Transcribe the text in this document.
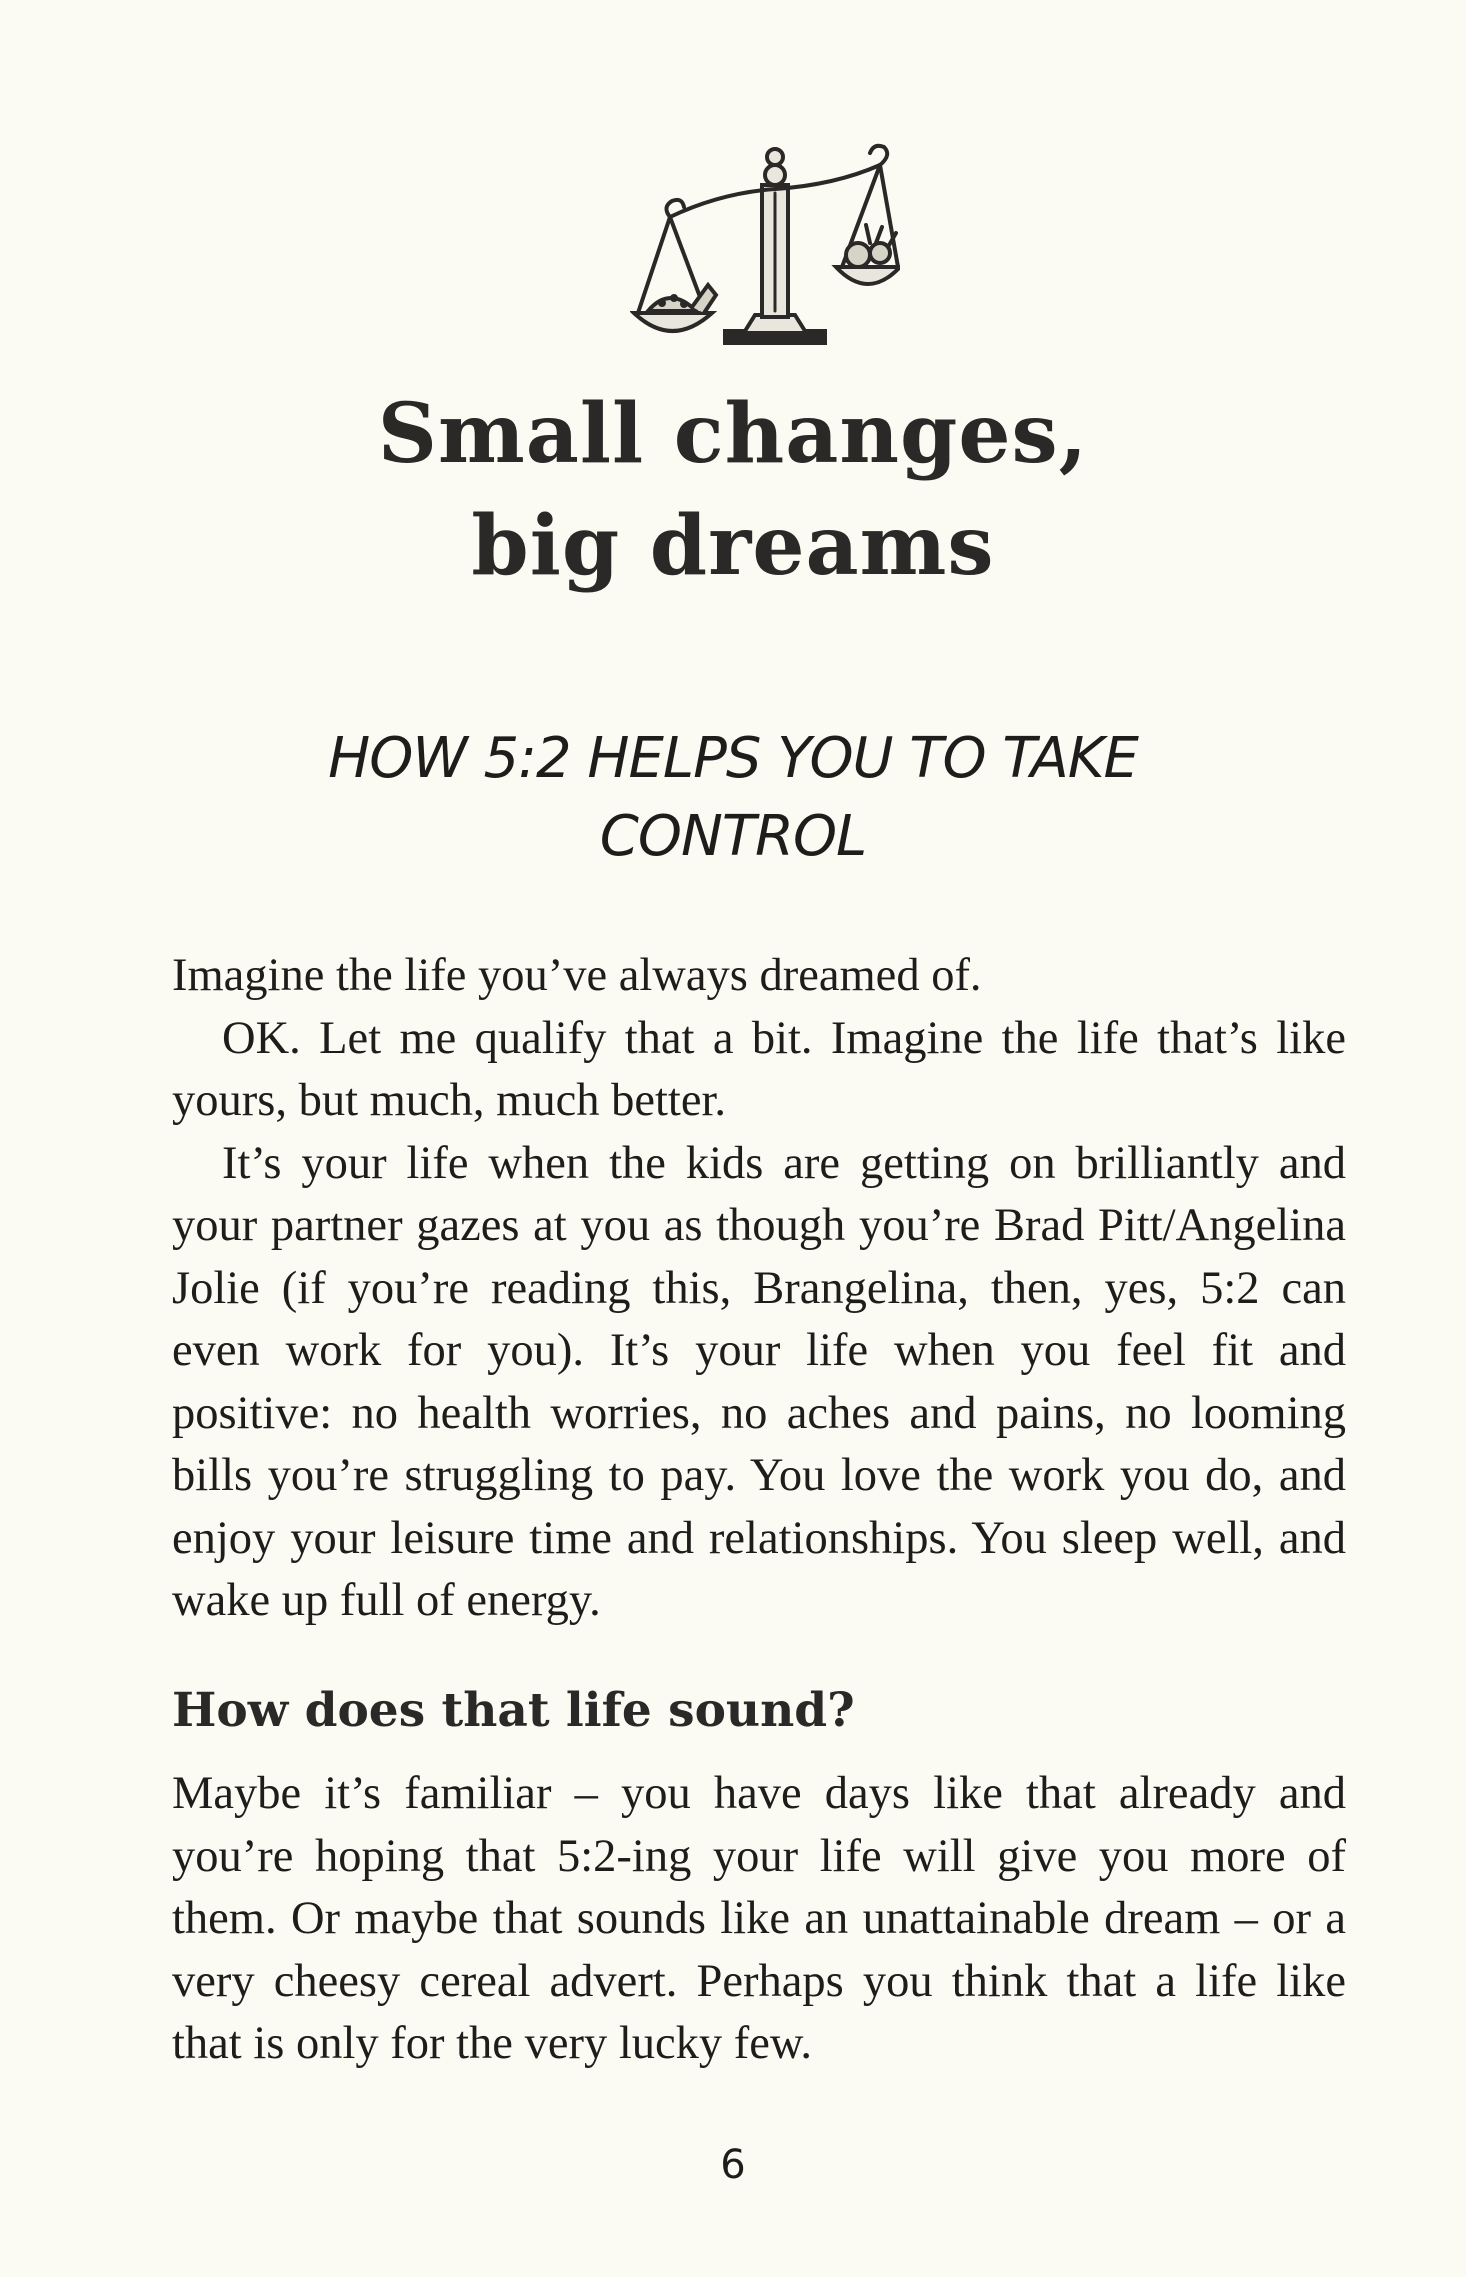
Small changes,
big dreams
HOW 5:2 HELPS YOU TO TAKE
CONTROL

Imagine the life you’ve always dreamed of.

OK. Let me qualify that a bit. Imagine the life that’s like yours, but much, much better.

It’s your life when the kids are getting on brilliantly and your partner gazes at you as though you’re Brad Pitt/Angelina Jolie (if you’re reading this, Brangelina, then, yes, 5:2 can even work for you). It’s your life when you feel fit and positive: no health worries, no aches and pains, no looming bills you’re struggling to pay. You love the work you do, and enjoy your leisure time and relationships. You sleep well, and wake up full of energy.

How does that life sound?

Maybe it’s familiar – you have days like that already and you’re hoping that 5:2-ing your life will give you more of them. Or maybe that sounds like an unattainable dream – or a very cheesy cereal advert. Perhaps you think that a life like that is only for the very lucky few.

6
